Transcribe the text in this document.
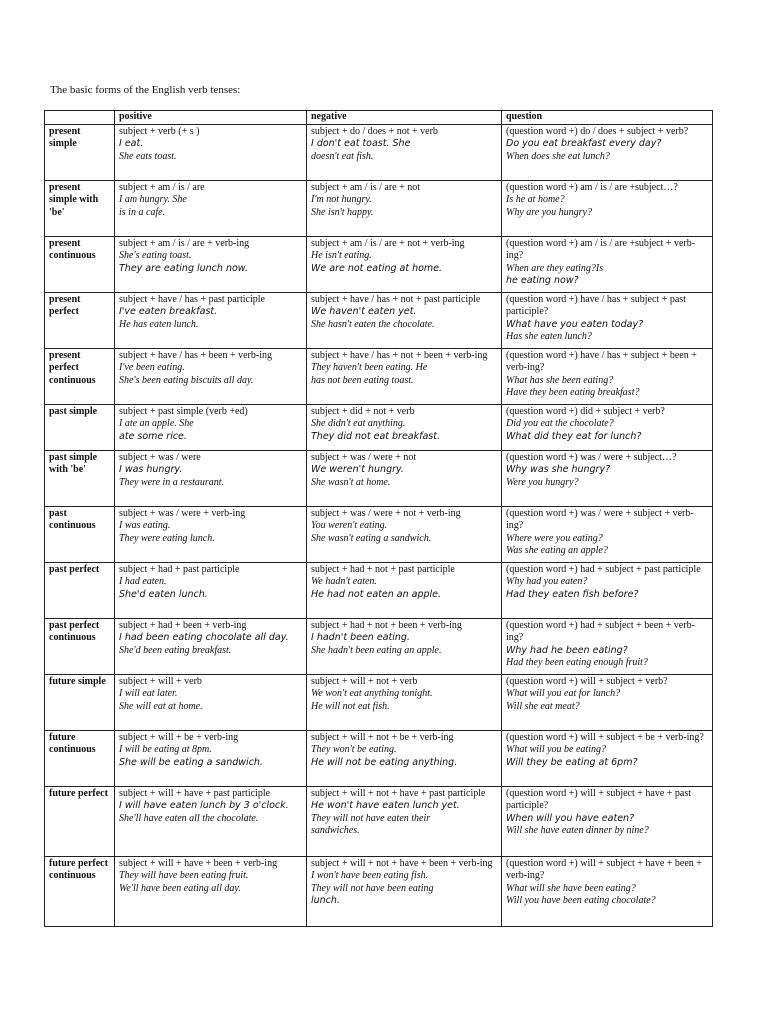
The basic forms of the English verb tenses:
	positive	negative	question
present simple	subject + verb (+ s )
I eat.
She eats toast.	subject + do / does + not + verb
I don't eat toast. She
doesn't eat fish.	(question word +) do / does + subject + verb?
Do you eat breakfast every day?
When does she eat lunch?

present simple with 'be'	subject + am / is / are
I am hungry. She
is in a cafe.	subject + am / is / are + not
I'm not hungry.
She isn't happy.	(question word +) am / is / are +subject…?
Is he at home?
Why are you hungry?

present continuous	subject + am / is / are + verb-ing
She's eating toast.
They are eating lunch now.	subject + am / is / are + not + verb-ing
He isn't eating.
We are not eating at home.	(question word +) am / is / are +subject + verb-ing?
When are they eating?Is
he eating now?

present perfect	subject + have / has + past participle
I've eaten breakfast.
He has eaten lunch.	subject + have / has + not + past participle
We haven't eaten yet.
She hasn't eaten the chocolate.	(question word +) have / has + subject + past participle?
What have you eaten today?
Has she eaten lunch?

present perfect continuous	subject + have / has + been + verb-ing
I've been eating.
She's been eating biscuits all day.	subject + have / has + not + been + verb-ing
They haven't been eating. He
has not been eating toast.	(question word +) have / has + subject + been + verb-ing?
What has she been eating?
Have they been eating breakfast?

past simple	subject + past simple (verb +ed)
I ate an apple. She
ate some rice.	subject + did + not + verb
She didn't eat anything.
They did not eat breakfast.	(question word +) did + subject + verb?
Did you eat the chocolate?
What did they eat for lunch?

past simple with 'be'	subject + was / were
I was hungry.
They were in a restaurant.	subject + was / were + not
We weren't hungry.
She wasn't at home.	(question word +) was / were + subject…?
Why was she hungry?
Were you hungry?

past continuous	subject + was / were + verb-ing
I was eating.
They were eating lunch.	subject + was / were + not + verb-ing
You weren't eating.
She wasn't eating a sandwich.	(question word +) was / were + subject + verb-ing?
Where were you eating?
Was she eating an apple?

past perfect	subject + had + past participle
I had eaten.
She'd eaten lunch.	subject + had + not + past participle
We hadn't eaten.
He had not eaten an apple.	(question word +) had + subject + past participle
Why had you eaten?
Had they eaten fish before?

past perfect continuous	subject + had + been + verb-ing
I had been eating chocolate all day.
She'd been eating breakfast.	subject + had + not + been + verb-ing
I hadn't been eating.
She hadn't been eating an apple.	(question word +) had + subject + been + verb-ing?
Why had he been eating?
Had they been eating enough fruit?

future simple	subject + will + verb
I will eat later.
She will eat at home.	subject + will + not + verb
We won't eat anything tonight.
He will not eat fish.	(question word +) will + subject + verb?
What will you eat for lunch?
Will she eat meat?

future continuous	subject + will + be + verb-ing
I will be eating at 8pm.
She will be eating a sandwich.	subject + will + not + be + verb-ing
They won't be eating.
He will not be eating anything.	(question word +) will + subject + be + verb-ing?
What will you be eating?
Will they be eating at 6pm?

future perfect	subject + will + have + past participle
I will have eaten lunch by 3 o'clock.
She'll have eaten all the chocolate.	subject + will + not + have + past participle
He won't have eaten lunch yet.
They will not have eaten their
sandwiches.	(question word +) will + subject + have + past participle?
When will you have eaten?
Will she have eaten dinner by nine?

future perfect continuous	subject + will + have + been + verb-ing
They will have been eating fruit.
We'll have been eating all day.	subject + will + not + have + been + verb-ing
I won't have been eating fish.
They will not have been eating
lunch.	(question word +) will + subject + have + been + verb-ing?
What will she have been eating?
Will you have been eating chocolate?
